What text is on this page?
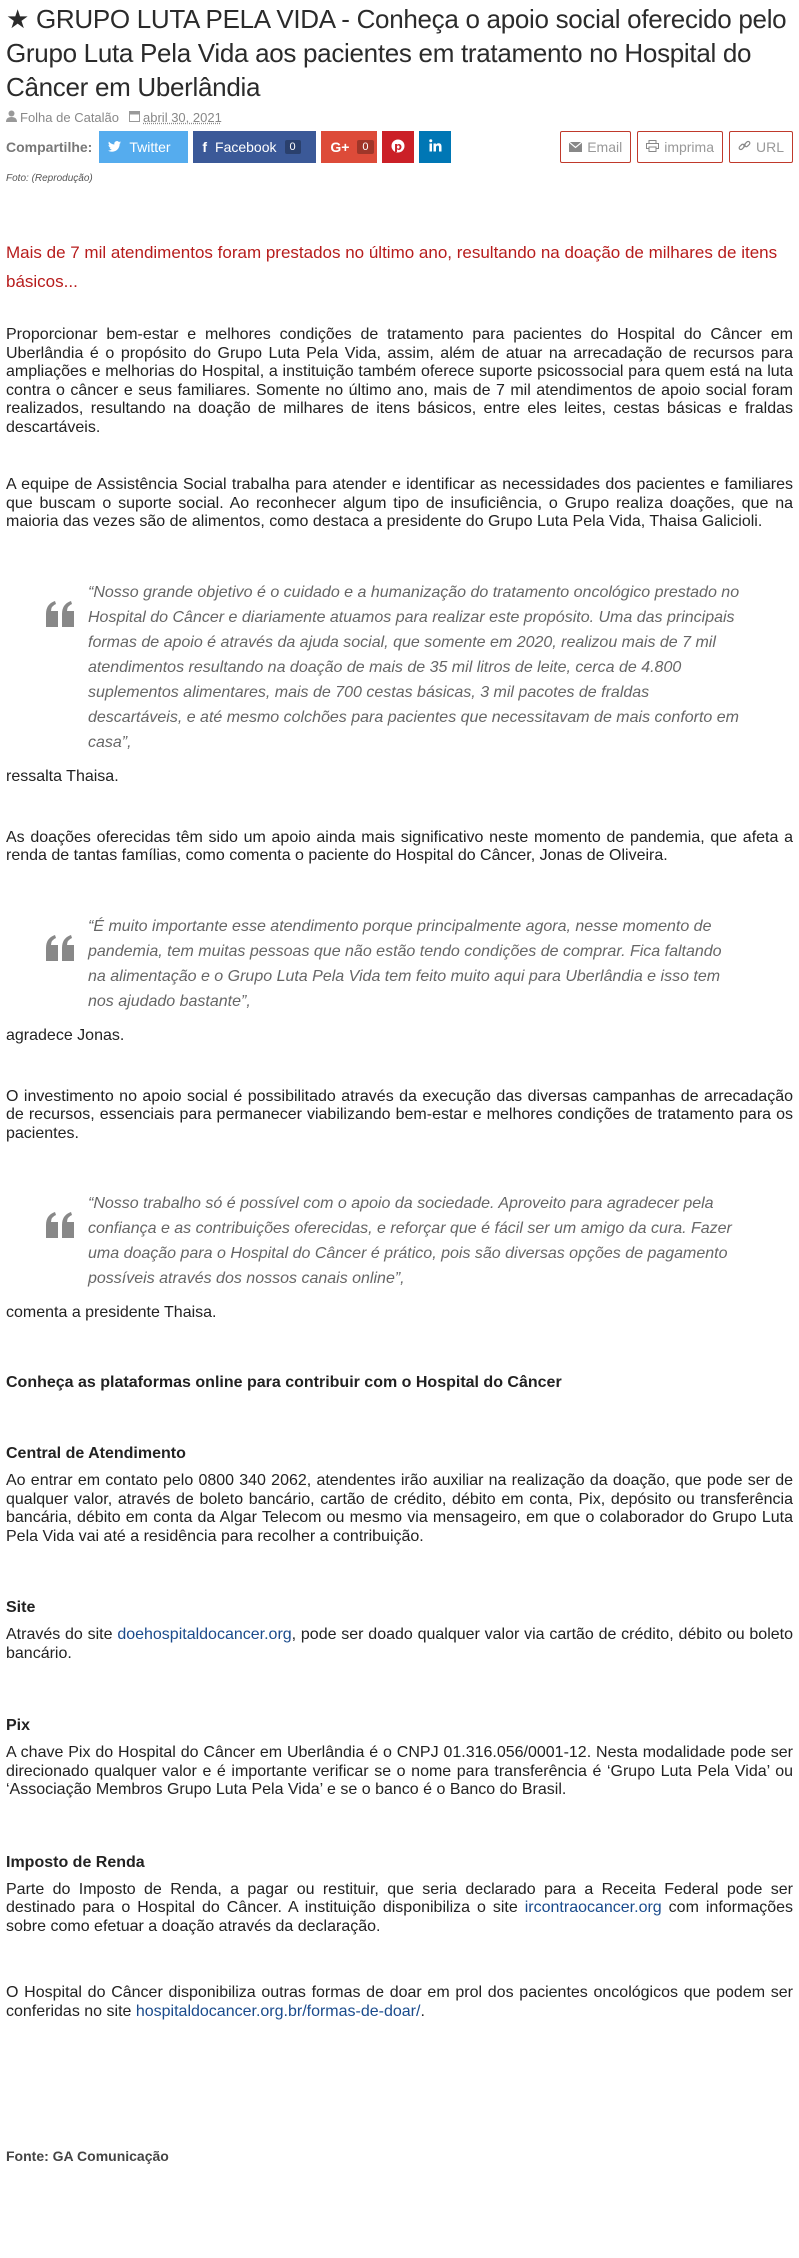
★ GRUPO LUTA PELA VIDA - Conheça o apoio social oferecido pelo Grupo Luta Pela Vida aos pacientes em tratamento no Hospital do Câncer em Uberlândia
Folha de Catalão	abril 30, 2021
Compartilhe:	Twitter f Facebook	0	G+	0	p	Email	imprima	URL
Foto: (Reprodução)

Mais de 7 mil atendimentos foram prestados no último ano, resultando na doação de milhares de itens básicos...

Proporcionar bem-estar e melhores condições de tratamento para pacientes do Hospital do Câncer em Uberlândia é o propósito do Grupo Luta Pela Vida, assim, além de atuar na arrecadação de recursos para ampliações e melhorias do Hospital, a instituição também oferece suporte psicossocial para quem está na luta contra o câncer e seus familiares. Somente no último ano, mais de 7 mil atendimentos de apoio social foram realizados, resultando na doação de milhares de itens básicos, entre eles leites, cestas básicas e fraldas descartáveis.

A equipe de Assistência Social trabalha para atender e identificar as necessidades dos pacientes e familiares que buscam o suporte social. Ao reconhecer algum tipo de insuficiência, o Grupo realiza doações, que na maioria das vezes são de alimentos, como destaca a presidente do Grupo Luta Pela Vida, Thaisa Galicioli.

“Nosso grande objetivo é o cuidado e a humanização do tratamento oncológico prestado no Hospital do Câncer e diariamente atuamos para realizar este propósito. Uma das principais formas de apoio é através da ajuda social, que somente em 2020, realizou mais de 7 mil atendimentos resultando na doação de mais de 35 mil litros de leite, cerca de 4.800 suplementos alimentares, mais de 700 cestas básicas, 3 mil pacotes de fraldas descartáveis, e até mesmo colchões para pacientes que necessitavam de mais conforto em casa”,

ressalta Thaisa.

As doações oferecidas têm sido um apoio ainda mais significativo neste momento de pandemia, que afeta a renda de tantas famílias, como comenta o paciente do Hospital do Câncer, Jonas de Oliveira.

“É muito importante esse atendimento porque principalmente agora, nesse momento de pandemia, tem muitas pessoas que não estão tendo condições de comprar. Fica faltando na alimentação e o Grupo Luta Pela Vida tem feito muito aqui para Uberlândia e isso tem nos ajudado bastante”,

agradece Jonas.

O investimento no apoio social é possibilitado através da execução das diversas campanhas de arrecadação de recursos, essenciais para permanecer viabilizando bem-estar e melhores condições de tratamento para os pacientes.

“Nosso trabalho só é possível com o apoio da sociedade. Aproveito para agradecer pela confiança e as contribuições oferecidas, e reforçar que é fácil ser um amigo da cura. Fazer uma doação para o Hospital do Câncer é prático, pois são diversas opções de pagamento possíveis através dos nossos canais online”,

comenta a presidente Thaisa.

Conheça as plataformas online para contribuir com o Hospital do Câncer
Central de Atendimento

Ao entrar em contato pelo 0800 340 2062, atendentes irão auxiliar na realização da doação, que pode ser de qualquer valor, através de boleto bancário, cartão de crédito, débito em conta, Pix, depósito ou transferência bancária, débito em conta da Algar Telecom ou mesmo via mensageiro, em que o colaborador do Grupo Luta Pela Vida vai até a residência para recolher a contribuição.

Site

Através do site doehospitaldocancer.org, pode ser doado qualquer valor via cartão de crédito, débito ou boleto bancário.

Pix

A chave Pix do Hospital do Câncer em Uberlândia é o CNPJ 01.316.056/0001-12. Nesta modalidade pode ser direcionado qualquer valor e é importante verificar se o nome para transferência é ‘Grupo Luta Pela Vida’ ou ‘Associação Membros Grupo Luta Pela Vida’ e se o banco é o Banco do Brasil.

Imposto de Renda

Parte do Imposto de Renda, a pagar ou restituir, que seria declarado para a Receita Federal pode ser destinado para o Hospital do Câncer. A instituição disponibiliza o site ircontraocancer.org com informações sobre como efetuar a doação através da declaração.

O Hospital do Câncer disponibiliza outras formas de doar em prol dos pacientes oncológicos que podem ser conferidas no site hospitaldocancer.org.br/formas-de-doar/.

Fonte: GA Comunicação
